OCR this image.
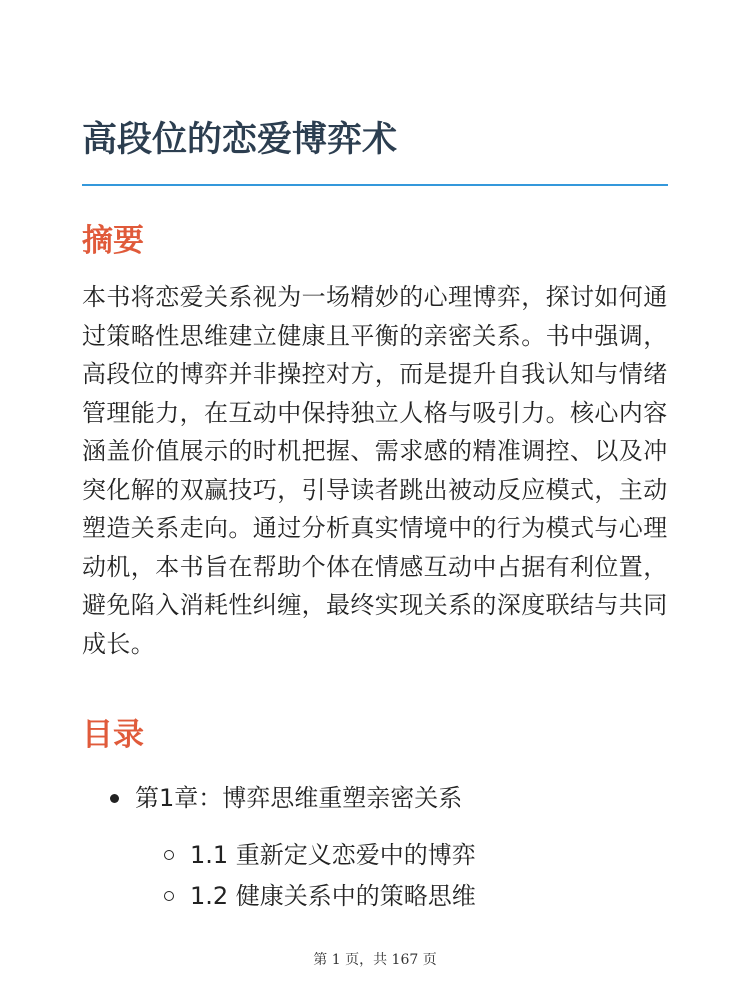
高段位的恋爱博弈术
摘要

本书将恋爱关系视为一场精妙的心理博弈，探讨如何通过策略性思维建立健康且平衡的亲密关系。书中强调，高段位的博弈并非操控对方，而是提升自我认知与情绪管理能力，在互动中保持独立人格与吸引力。核心内容涵盖价值展示的时机把握、需求感的精准调控、以及冲突化解的双赢技巧，引导读者跳出被动反应模式，主动塑造关系走向。通过分析真实情境中的行为模式与心理动机，本书旨在帮助个体在情感互动中占据有利位置，避免陷入消耗性纠缠，最终实现关系的深度联结与共同成长。

目录
第1章：博弈思维重塑亲密关系
1.1 重新定义恋爱中的博弈
1.2 健康关系中的策略思维
第 1 页，共 167 页
